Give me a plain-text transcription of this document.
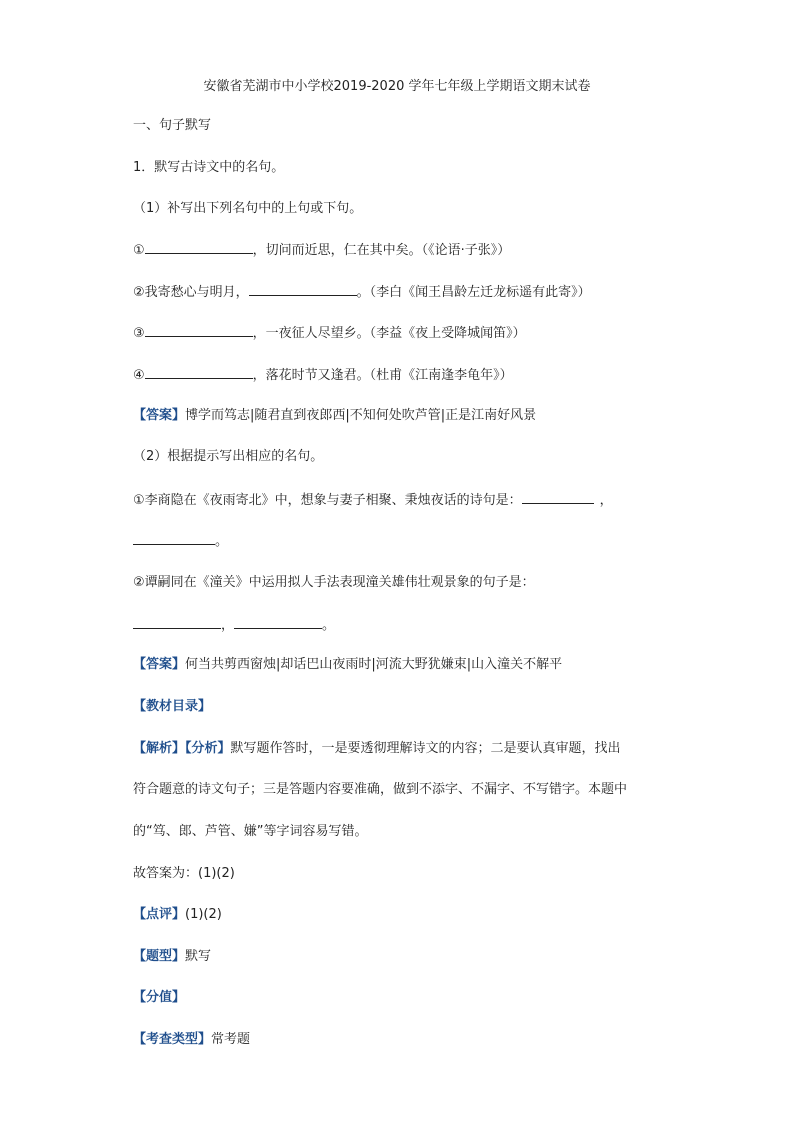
安徽省芜湖市中小学校2019-2020 学年七年级上学期语文期末试卷
一、句子默写
1．默写古诗文中的名句。
（1）补写出下列名句中的上句或下句。
①	，切问而近思，仁在其中矣。（《论语·子张》）
②我寄愁心与明月，	。（李白《闻王昌龄左迁龙标遥有此寄》）
③	，一夜征人尽望乡。（李益《夜上受降城闻笛》）
④	，落花时节又逢君。（杜甫《江南逢李龟年》）
【答案】博学而笃志|随君直到夜郎西|不知何处吹芦管|正是江南好风景
（2）根据提示写出相应的名句。
①李商隐在《夜雨寄北》中，想象与妻子相聚、秉烛夜话的诗句是：	，
。
②谭嗣同在《潼关》中运用拟人手法表现潼关雄伟壮观景象的句子是：
，	。
【答案】何当共剪西窗烛|却话巴山夜雨时|河流大野犹嫌束|山入潼关不解平
【教材目录】
【解析】【分析】默写题作答时，一是要透彻理解诗文的内容；二是要认真审题，找出
符合题意的诗文句子；三是答题内容要准确，做到不添字、不漏字、不写错字。本题中
的“笃、郎、芦管、嫌”等字词容易写错。
故答案为：(1)(2)
【点评】(1)(2)
【题型】默写
【分值】
【考查类型】常考题
